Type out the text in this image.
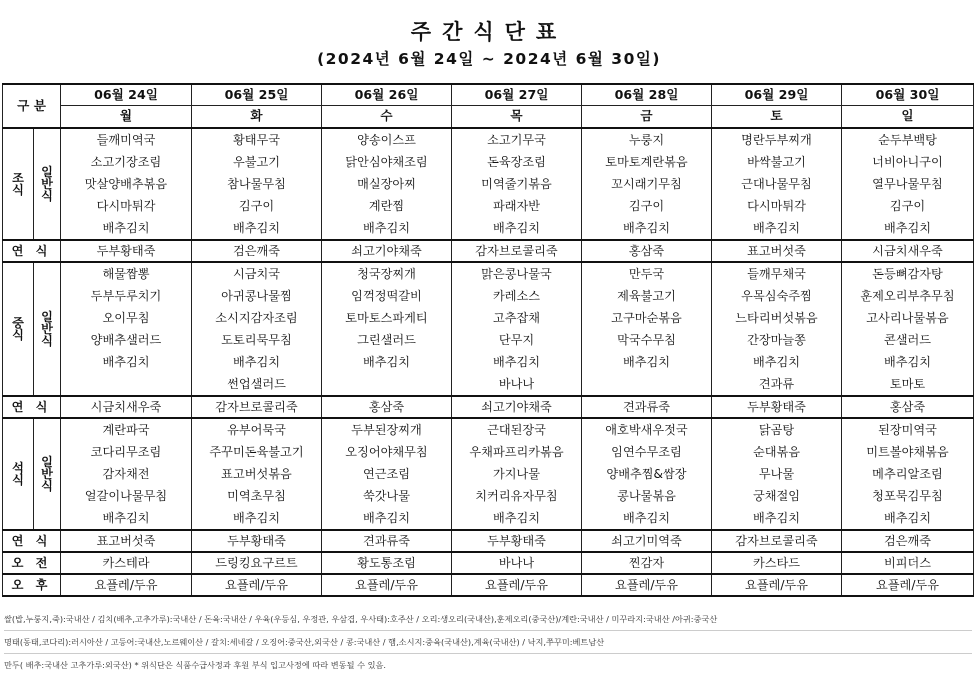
주간식단표
(2024년 6월 24일 ~ 2024년 6월 30일)
구 분		06월 24일	06월 25일	06월 26일	06월 27일	06월 28일	06월 29일	06월 30일
		월	화	수	목	금	토	일
조식	일반식	들깨미역국	황태무국	양송이스프	소고기무국	누룽지	명란두부찌개	순두부백탕
		소고기장조림	우불고기	닭안심야채조림	돈육장조림	토마토계란볶음	바싹불고기	너비아니구이
		맛살양배추볶음	참나물무침	매실장아찌	미역줄기볶음	꼬시래기무침	근대나물무침	열무나물무침
		다시마튀각	김구이	계란찜	파래자반	김구이	다시마튀각	김구이
		배추김치	배추김치	배추김치	배추김치	배추김치	배추김치	배추김치
연 식		두부황태죽	검은깨죽	쇠고기야채죽	감자브로콜리죽	홍삼죽	표고버섯죽	시금치새우죽
중식	일반식	해물짬뽕	시금치국	청국장찌개	맑은콩나물국	만두국	들깨무채국	돈등뼈감자탕
		두부두루치기	아귀콩나물찜	임꺽정떡갈비	카레소스	제육불고기	우목심숙주찜	훈제오리부추무침
		오이무침	소시지감자조림	토마토스파게티	고추잡채	고구마순볶음	느타리버섯볶음	고사리나물볶음
		양배추샐러드	도토리묵무침	그린샐러드	단무지	막국수무침	간장마늘쫑	콘샐러드
		배추김치	배추김치	배추김치	배추김치	배추김치	배추김치	배추김치
			썬업샐러드		바나나		견과류	토마토
연 식		시금치새우죽	감자브로콜리죽	홍삼죽	쇠고기야채죽	견과류죽	두부황태죽	홍삼죽
석식	일반식	계란파국	유부어묵국	두부된장찌개	근대된장국	애호박새우젓국	닭곰탕	된장미역국
		코다리무조림	주꾸미돈육불고기	오징어야채무침	우채파프리카볶음	임연수무조림	순대볶음	미트볼야채볶음
		감자채전	표고버섯볶음	연근조림	가지나물	양배추찜&쌈장	무나물	메추리알조림
		얼갈이나물무침	미역초무침	쑥갓나물	치커리유자무침	콩나물볶음	궁채절임	청포묵김무침
		배추김치	배추김치	배추김치	배추김치	배추김치	배추김치	배추김치
연 식		표고버섯죽	두부황태죽	견과류죽	두부황태죽	쇠고기미역죽	감자브로콜리죽	검은깨죽
오 전		카스테라	드링킹요구르트	황도통조림	바나나	찐감자	카스타드	비피더스
오 후		요플레/두유	요플레/두유	요플레/두유	요플레/두유	요플레/두유	요플레/두유	요플레/두유
쌀(밥,누룽지,죽):국내산 / 김치(배추,고추가루):국내산 / 돈육:국내산 / 우육(우등심, 우정관, 우삼겹, 우사태):호주산 / 오리:생오리(국내산),훈제오리(중국산)/계란:국내산 / 미꾸라지:국내산 /아귀:중국산
명태(동태,코다리):러시아산 / 고등어:국내산,노르웨이산 / 갈치:세네갈 / 오징어:중국산,외국산 / 콩:국내산 / 햄,소시지:중육(국내산),계육(국내산) / 낙지,쭈꾸미:베트남산
만두( 배추:국내산 고추가루:외국산) * 위식단은 식품수급사정과 후원 부식 입고사정에 따라 변동될 수 있음.
